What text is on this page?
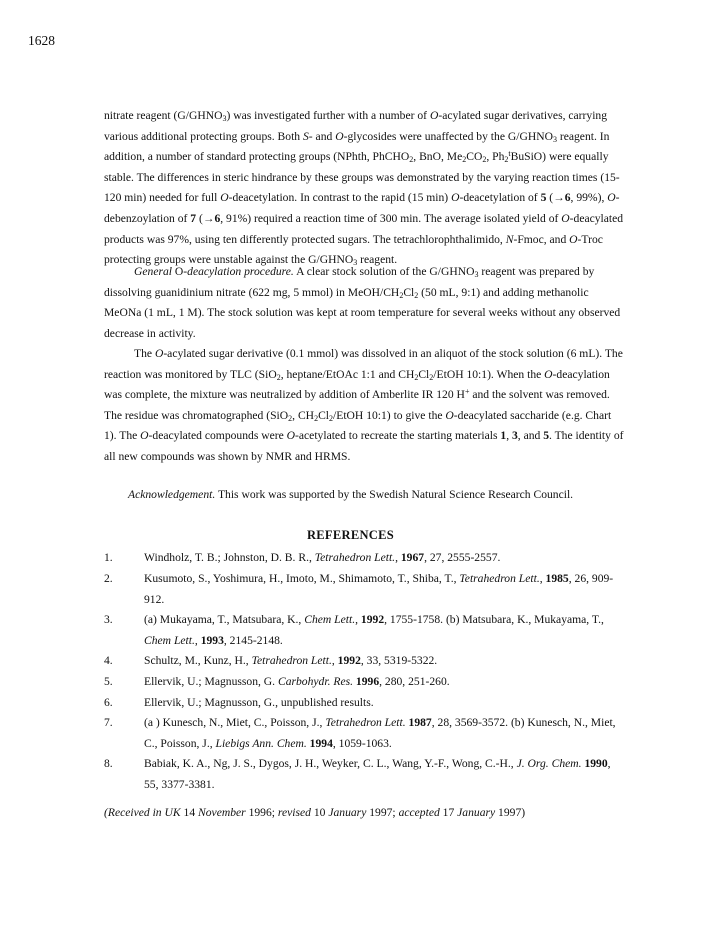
1628
nitrate reagent $(G/GHNO_3)$ was investigated further with a number of O-acylated sugar derivatives, carrying various additional protecting groups. Both S- and O-glycosides were unaffected by the $G/GHNO_3$ reagent. In addition, a number of standard protecting groups (NPhth, PhCHO$_2$, BnO, $Me_2CO_2$, $Ph_2^tBuSiO$) were equally stable. The differences in steric hindrance by these groups was demonstrated by the varying reaction times (15-120 min) needed for full O-deacetylation. In contrast to the rapid (15 min) O-deacetylation of 5 (→6, 99%), O-debenzoylation of 7 (→6, 91%) required a reaction time of 300 min. The average isolated yield of O-deacylated products was 97%, using ten differently protected sugars. The tetrachlorophthalimido, N-Fmoc, and O-Troc protecting groups were unstable against the $G/GHNO_3$ reagent.
General O-deacylation procedure. A clear stock solution of the $G/GHNO_3$ reagent was prepared by dissolving guanidinium nitrate (622 mg, 5 mmol) in MeOH/$CH_2Cl_2$ (50 mL, 9:1) and adding methanolic MeONa (1 mL, 1 M). The stock solution was kept at room temperature for several weeks without any observed decrease in activity.
The O-acylated sugar derivative (0.1 mmol) was dissolved in an aliquot of the stock solution (6 mL). The reaction was monitored by TLC (SiO$_2$, heptane/EtOAc 1:1 and $CH_2Cl_2$/EtOH 10:1). When the O-deacylation was complete, the mixture was neutralized by addition of Amberlite IR 120 H+ and the solvent was removed. The residue was chromatographed (SiO$_2$, $CH_2Cl_2$/EtOH 10:1) to give the O-deacylated saccharide (e.g. Chart 1). The O-deacylated compounds were O-acetylated to recreate the starting materials 1, 3, and 5. The identity of all new compounds was shown by NMR and HRMS.
Acknowledgement. This work was supported by the Swedish Natural Science Research Council.
REFERENCES
1.	Windholz, T. B.; Johnston, D. B. R., Tetrahedron Lett., 1967, 27, 2555-2557.
2.	Kusumoto, S., Yoshimura, H., Imoto, M., Shimamoto, T., Shiba, T., Tetrahedron Lett., 1985, 26, 909-912.
3.	(a) Mukayama, T., Matsubara, K., Chem Lett., 1992, 1755-1758. (b) Matsubara, K., Mukayama, T., Chem Lett., 1993, 2145-2148.
4.	Schultz, M., Kunz, H., Tetrahedron Lett., 1992, 33, 5319-5322.
5.	Ellervik, U.; Magnusson, G. Carbohydr. Res. 1996, 280, 251-260.
6.	Ellervik, U.; Magnusson, G., unpublished results.
7.	(a ) Kunesch, N., Miet, C., Poisson, J., Tetrahedron Lett. 1987, 28, 3569-3572. (b) Kunesch, N., Miet, C., Poisson, J., Liebigs Ann. Chem. 1994, 1059-1063.
8.	Babiak, K. A., Ng, J. S., Dygos, J. H., Weyker, C. L., Wang, Y.-F., Wong, C.-H., J. Org. Chem. 1990, 55, 3377-3381.
(Received in UK 14 November 1996; revised 10 January 1997; accepted 17 January 1997)
